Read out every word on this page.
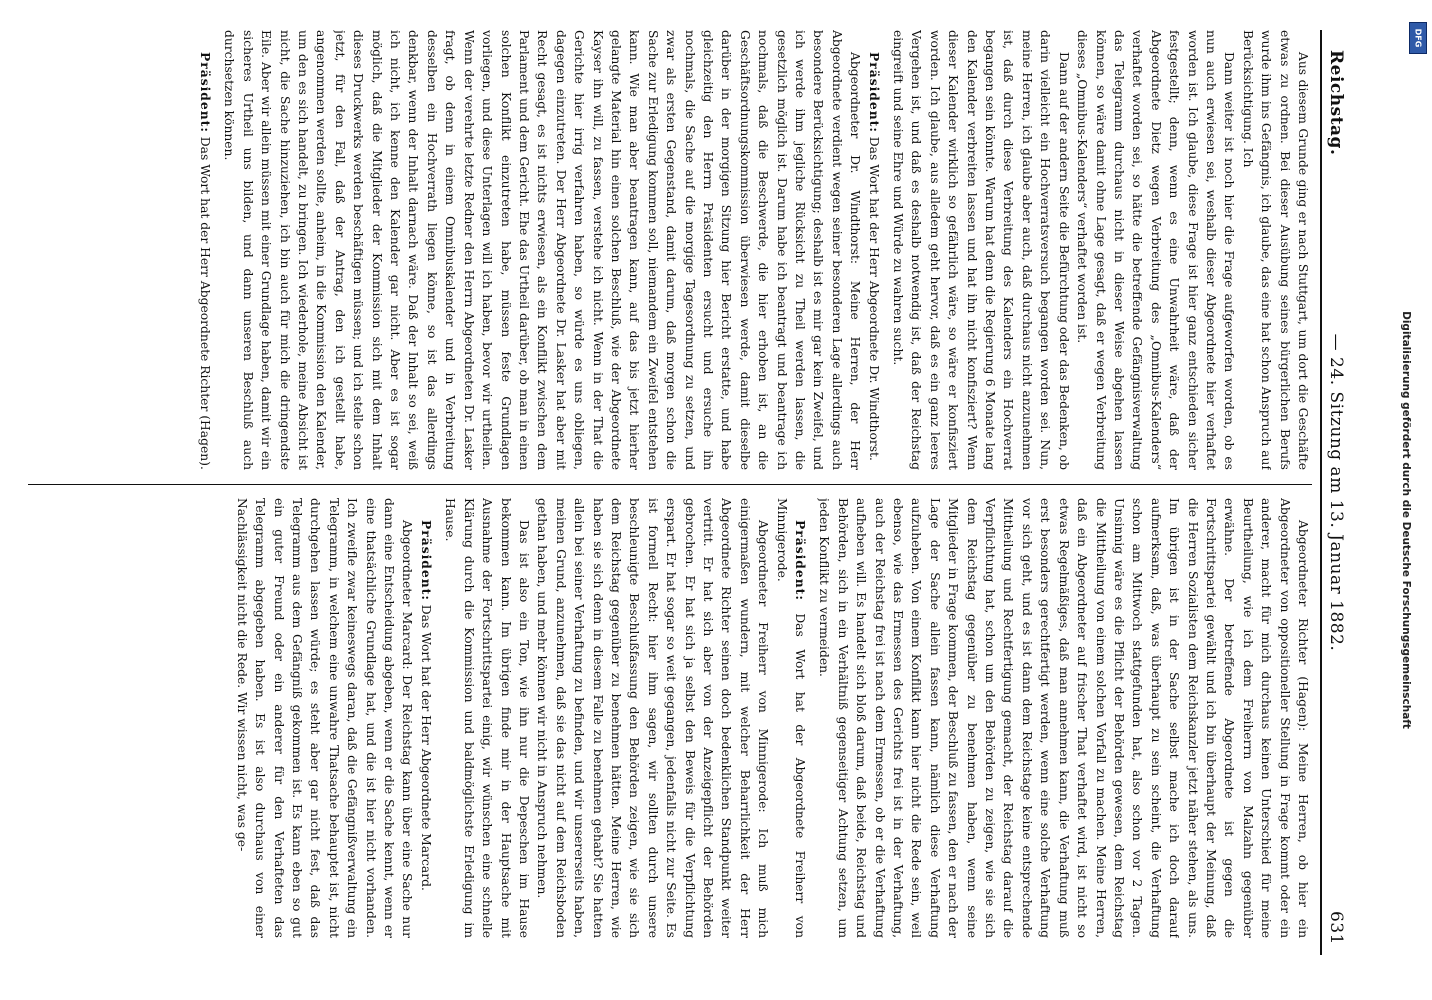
Reichstag.
— 24. Sitzung am 13. Januar 1882.
631

Aus diesem Grunde ging er nach Stuttgart, um dort die Geschäfte etwas zu ordnen. Bei dieser Ausübung seines bürgerlichen Berufs wurde ihm ins Gefängnis, ich glaube, das eine hat schon Anspruch auf Berücksichtigung. Ich

Dann weiter ist noch hier die Frage aufgeworfen worden, ob es nun auch erwiesen sei, weshalb dieser Abgeordnete hier verhaftet worden ist. Ich glaube, diese Frage ist hier ganz entschieden sicher festgestellt; denn, wenn es eine Unwahrheit wäre, daß der Abgeordnete Dietz wegen Verbreitung des „Omnibus-Kalenders“ verhaftet worden sei, so hätte die betreffende Gefängnisverwaltung das Telegramm durchaus nicht in dieser Weise abgehen lassen können, so wäre damit ohne Lage gesagt, daß er wegen Verbreitung dieses „Omnibus-Kalenders“ verhaftet worden ist.

Dann auf der andern Seite die Befürchtung oder das Bedenken, ob darin vielleicht ein Hochverratsversuch begangen worden sei. Nun, meine Herren, ich glaube aber auch, daß durchaus nicht anzunehmen ist, daß durch diese Verbreitung des Kalenders ein Hochverrat begangen sein könnte. Warum hat denn die Regierung 6 Monate lang den Kalender verbreiten lassen und hat ihn nicht konfisziert? Wenn dieser Kalender wirklich so gefährlich wäre, so wäre er konfisziert worden. Ich glaube, aus alledem geht hervor, daß es ein ganz leeres Vergehen ist, und daß es deshalb notwendig ist, daß der Reichstag eingreift und seine Ehre und Würde zu wahren sucht.

Präsident: Das Wort hat der Herr Abgeordnete Dr. Windthorst.

Abgeordneter Dr. Windthorst: Meine Herren, der Herr Abgeordnete verdient wegen seiner besonderen Lage allerdings auch besondere Berücksichtigung; deshalb ist es mir gar kein Zweifel, und ich werde ihm jegliche Rücksicht zu Theil werden lassen, die gesetzlich möglich ist. Darum habe ich beantragt und beantrage ich nochmals, daß die Beschwerde, die hier erhoben ist, an die Geschäftsordnungskommission überwiesen werde, damit dieselbe darüber in der morgigen Sitzung hier Bericht erstatte, und habe gleichzeitig den Herrn Präsidenten ersucht und ersuche ihn nochmals, die Sache auf die morgige Tagesordnung zu setzen, und zwar als ersten Gegenstand, damit darum, daß morgen schon die Sache zur Erledigung kommen soll, niemandem ein Zweifel entstehen kann. Wie man aber beantragen kann, auf das bis jetzt hierher gelangte Material hin einen solchen Beschluß, wie der Abgeordnete Kayser ihn will, zu fassen, verstehe ich nicht. Wenn in der That die Gerichte hier irrig verfahren haben, so würde es uns obliegen, dagegen einzutreten. Der Herr Abgeordnete Dr. Lasker hat aber mit Recht gesagt, es ist nichts erwiesen, als ein Konflikt zwischen dem Parlament und dem Gericht. Ehe das Urtheil darüber, ob man in einen solchen Konflikt einzutreten habe, müssen feste Grundlagen vorliegen, und diese Unterlagen will ich haben, bevor wir urtheilen. Wenn der verehrte letzte Redner den Herrn Abgeordneten Dr. Lasker fragt, ob denn in einem Omnibuskalender und in Verbreitung desselben ein Hochverrath liegen könne, so ist das allerdings denkbar, wenn der Inhalt darnach wäre. Daß der Inhalt so sei, weiß ich nicht, ich kenne den Kalender gar nicht. Aber es ist sogar möglich, daß die Mitglieder der Kommission sich mit dem Inhalt dieses Druckwerks werden beschäftigen müssen; und ich stelle schon jetzt, für den Fall, daß der Antrag, den ich gestellt habe, angenommen werden sollte, anheim, in die Kommission den Kalender, um den es sich handelt, zu bringen. Ich wiederhole, meine Absicht ist nicht, die Sache hinzuziehen, ich bin auch für mich die dringendste Eile. Aber wir allein müssen mit einer Grundlage haben, damit wir ein sicheres Urtheil uns bilden, und dann unseren Beschluß auch durchsetzen können.

Präsident: Das Wort hat der Herr Abgeordnete Richter (Hagen).

Abgeordneter Richter (Hagen): Meine Herren, ob hier ein Abgeordneter von oppositioneller Stellung in Frage kommt oder ein anderer, macht für mich durchaus keinen Unterschied für meine Beurtheilung, wie ich dem Freiherrn von Malzahn gegenüber erwähne. Der betreffende Abgeordnete ist gegen die Fortschrittspartei gewählt und ich bin überhaupt der Meinung, daß die Herren Sozialisten dem Reichskanzler jetzt näher stehen, als uns. Im übrigen ist in der Sache selbst mache ich doch darauf aufmerksam, daß, was überhaupt zu sein scheint, die Verhaftung schon am Mittwoch stattgefunden hat, also schon vor 2 Tagen. Unsinnig wäre es die Pflicht der Behörden gewesen, dem Reichstag die Mittheilung von einem solchen Vorfall zu machen. Meine Herren, daß ein Abgeordneter auf frischer That verhaftet wird, ist nicht so etwas Regelmäßiges, daß man annehmen kann, die Verhaftung muß erst besonders gerechtfertigt werden, wenn eine solche Verhaftung vor sich geht, und es ist dann dem Reichstage keine entsprechende Mittheilung und Rechtfertigung gemacht, der Reichstag darauf die Verpflichtung hat, schon um den Behörden zu zeigen, wie sie sich dem Reichstag gegenüber zu benehmen haben, wenn seine Mitglieder in Frage kommen, der Beschluß zu fassen, den er nach der Lage der Sache allein fassen kann, nämlich diese Verhaftung aufzuheben. Von einem Konflikt kann hier nicht die Rede sein, weil ebenso, wie das Ermessen des Gerichts frei ist in der Verhaftung, auch der Reichstag frei ist nach dem Ermessen, ob er die Verhaftung aufheben will. Es handelt sich bloß darum, daß beide, Reichstag und Behörden, sich in ein Verhältniß gegenseitiger Achtung setzen, um jeden Konflikt zu vermeiden.

Präsident: Das Wort hat der Abgeordnete Freiherr von Minnigerode.

Abgeordneter Freiherr von Minnigerode: Ich muß mich einigermaßen wundern, mit welcher Beharrlichkeit der Herr Abgeordnete Richter seinen doch bedenklichen Standpunkt weiter vertritt. Er hat sich aber von der Anzeigepflicht der Behörden gebrochen. Er hat sich ja selbst den Beweis für die Verpflichtung erspart. Er hat sogar so weit gegangen, jedenfalls nicht zur Seite. Es ist formell Recht: hier ihm sagen, wir sollten durch unsere beschleunigte Beschlußfassung den Behörden zeigen, wie sie sich dem Reichstag gegenüber zu benehmen hätten. Meine Herren, wie haben sie sich denn in diesem Falle zu benehmen gehabt? Sie hatten allein bei seiner Verhaftung zu befinden, und wir unsererseits haben, meinen Grund, anzunehmen, daß sie das nicht auf dem Reichsboden gethan haben, und mehr können wir nicht in Anspruch nehmen.

Das ist also ein Ton, wie ihn nur die Depeschen im Hause bekommen kann. Im übrigen finde mir in der Hauptsache mit Ausnahme der Fortschrittspartei einig, wir wünschen eine schnelle Klärung durch die Kommission und baldmöglichste Erledigung im Hause.

Präsident: Das Wort hat der Herr Abgeordnete Marcard.

Abgeordneter Marcard: Der Reichstag kann über eine Sache nur dann eine Entscheidung abgeben, wenn er die Sache kennt, wenn er eine thatsächliche Grundlage hat, und die ist hier nicht vorhanden. Ich zweifle zwar keineswegs daran, daß die Gefängnißverwaltung ein Telegramm, in welchem eine unwahre Thatsache behauptet ist, nicht durchgehen lassen würde; es steht aber gar nicht fest, daß das Telegramm aus dem Gefängniß gekommen ist. Es kann eben so gut ein guter Freund oder ein anderer für den Verhafteten das Telegramm abgegeben haben. Es ist also durchaus von einer Nachlässigkeit nicht die Rede. Wir wissen nicht, was ge-	Digitalisierung gefördert durch die Deutsche Forschungsgemeinschaft
DFG
